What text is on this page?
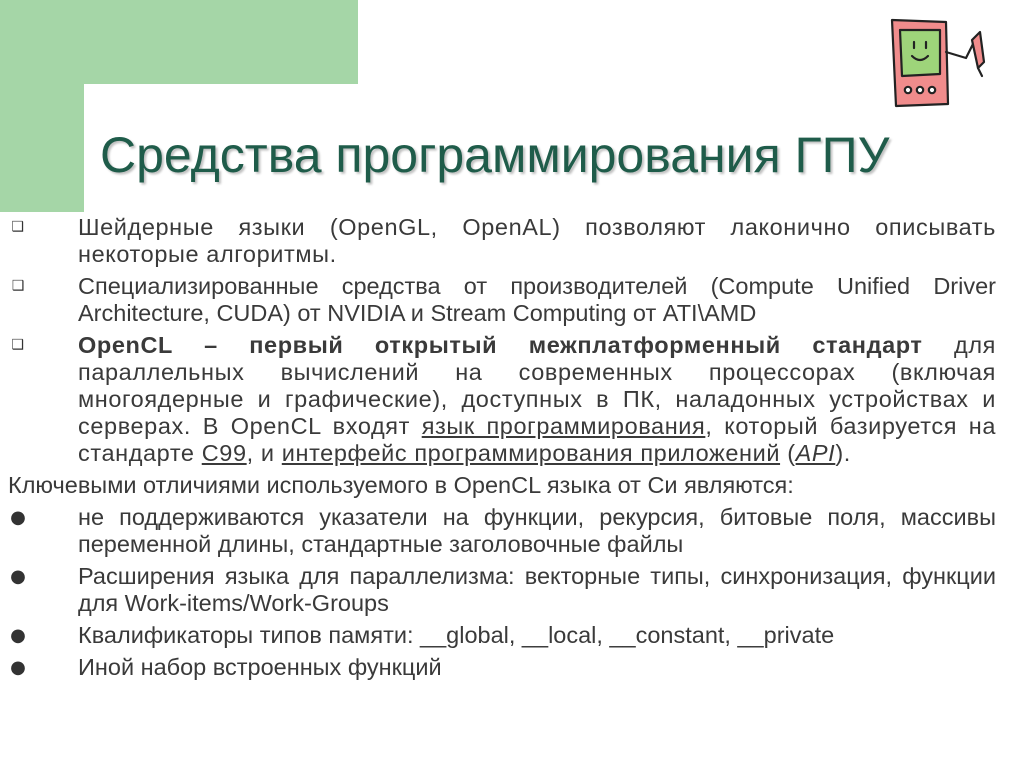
Средства программирования ГПУ
❑ Шейдерные языки (OpenGL, OpenAL) позволяют лаконично описывать некоторые алгоритмы.
❑ Специализированные средства от производителей (Compute Unified Driver Architecture, CUDA) от NVIDIA и Stream Computing от ATI\AMD
❑ OpenCL – первый открытый межплатформенный стандарт для параллельных вычислений на современных процессорах (включая многоядерные и графические), доступных в ПК, наладонных устройствах и серверах. В OpenCL входят язык программирования, который базируется на стандарте C99, и интерфейс программирования приложений (API).
Ключевыми отличиями используемого в OpenCL языка от Си являются:
● не поддерживаются указатели на функции, рекурсия, битовые поля, массивы переменной длины, стандартные заголовочные файлы
● Расширения языка для параллелизма: векторные типы, синхронизация, функции для Work-items/Work-Groups
● Квалификаторы типов памяти: __global, __local, __constant, __private
● Иной набор встроенных функций
